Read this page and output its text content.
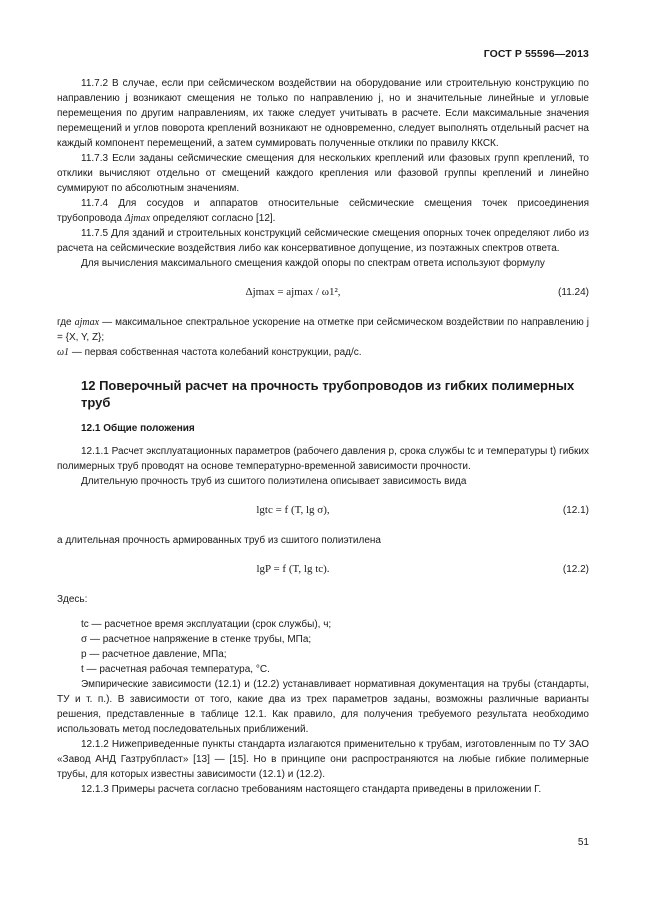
ГОСТ Р 55596—2013

11.7.2 В случае, если при сейсмическом воздействии на оборудование или строительную конструкцию по направлению j возникают смещения не только по направлению j, но и значительные линейные и угловые перемещения по другим направлениям, их также следует учитывать в расчете. Если максимальные значения перемещений и углов поворота креплений возникают не одновременно, следует выполнять отдельный расчет на каждый компонент перемещений, а затем суммировать полученные отклики по правилу ККСК.

11.7.3 Если заданы сейсмические смещения для нескольких креплений или фазовых групп креплений, то отклики вычисляют отдельно от смещений каждого крепления или фазовой группы креплений и линейно суммируют по абсолютным значениям.

11.7.4 Для сосудов и аппаратов относительные сейсмические смещения точек присоединения трубопровода Δjmax определяют согласно [12].

11.7.5 Для зданий и строительных конструкций сейсмические смещения опорных точек определяют либо из расчета на сейсмические воздействия либо как консервативное допущение, из поэтажных спектров ответа.

Для вычисления максимального смещения каждой опоры по спектрам ответа используют формулу

Δjmax = ajmax / ω1²,	(11.24)

где ajmax — максимальное спектральное ускорение на отметке при сейсмическом воздействии по направлению j = {X, Y, Z};

ω1 — первая собственная частота колебаний конструкции, рад/с.

12 Поверочный расчет на прочность трубопроводов из гибких полимерных труб
12.1 Общие положения

12.1.1 Расчет эксплуатационных параметров (рабочего давления p, срока службы tc и температуры t) гибких полимерных труб проводят на основе температурно-временной зависимости прочности.

Длительную прочность труб из сшитого полиэтилена описывает зависимость вида

lgtc = f (T, lg σ),	(12.1)

а длительная прочность армированных труб из сшитого полиэтилена

lgP = f (T, lg tc).	(12.2)

Здесь:

tc — расчетное время эксплуатации (срок службы), ч;
σ — расчетное напряжение в стенке трубы, МПа;
p — расчетное давление, МПа;
t — расчетная рабочая температура, °С.

Эмпирические зависимости (12.1) и (12.2) устанавливает нормативная документация на трубы (стандарты, ТУ и т. п.). В зависимости от того, какие два из трех параметров заданы, возможны различные варианты решения, представленные в таблице 12.1. Как правило, для получения требуемого результата необходимо использовать метод последовательных приближений.

12.1.2 Нижеприведенные пункты стандарта излагаются применительно к трубам, изготовленным по ТУ ЗАО «Завод АНД Газтрубпласт» [13] — [15]. Но в принципе они распространяются на любые гибкие полимерные трубы, для которых известны зависимости (12.1) и (12.2).

12.1.3 Примеры расчета согласно требованиям настоящего стандарта приведены в приложении Г.

51
